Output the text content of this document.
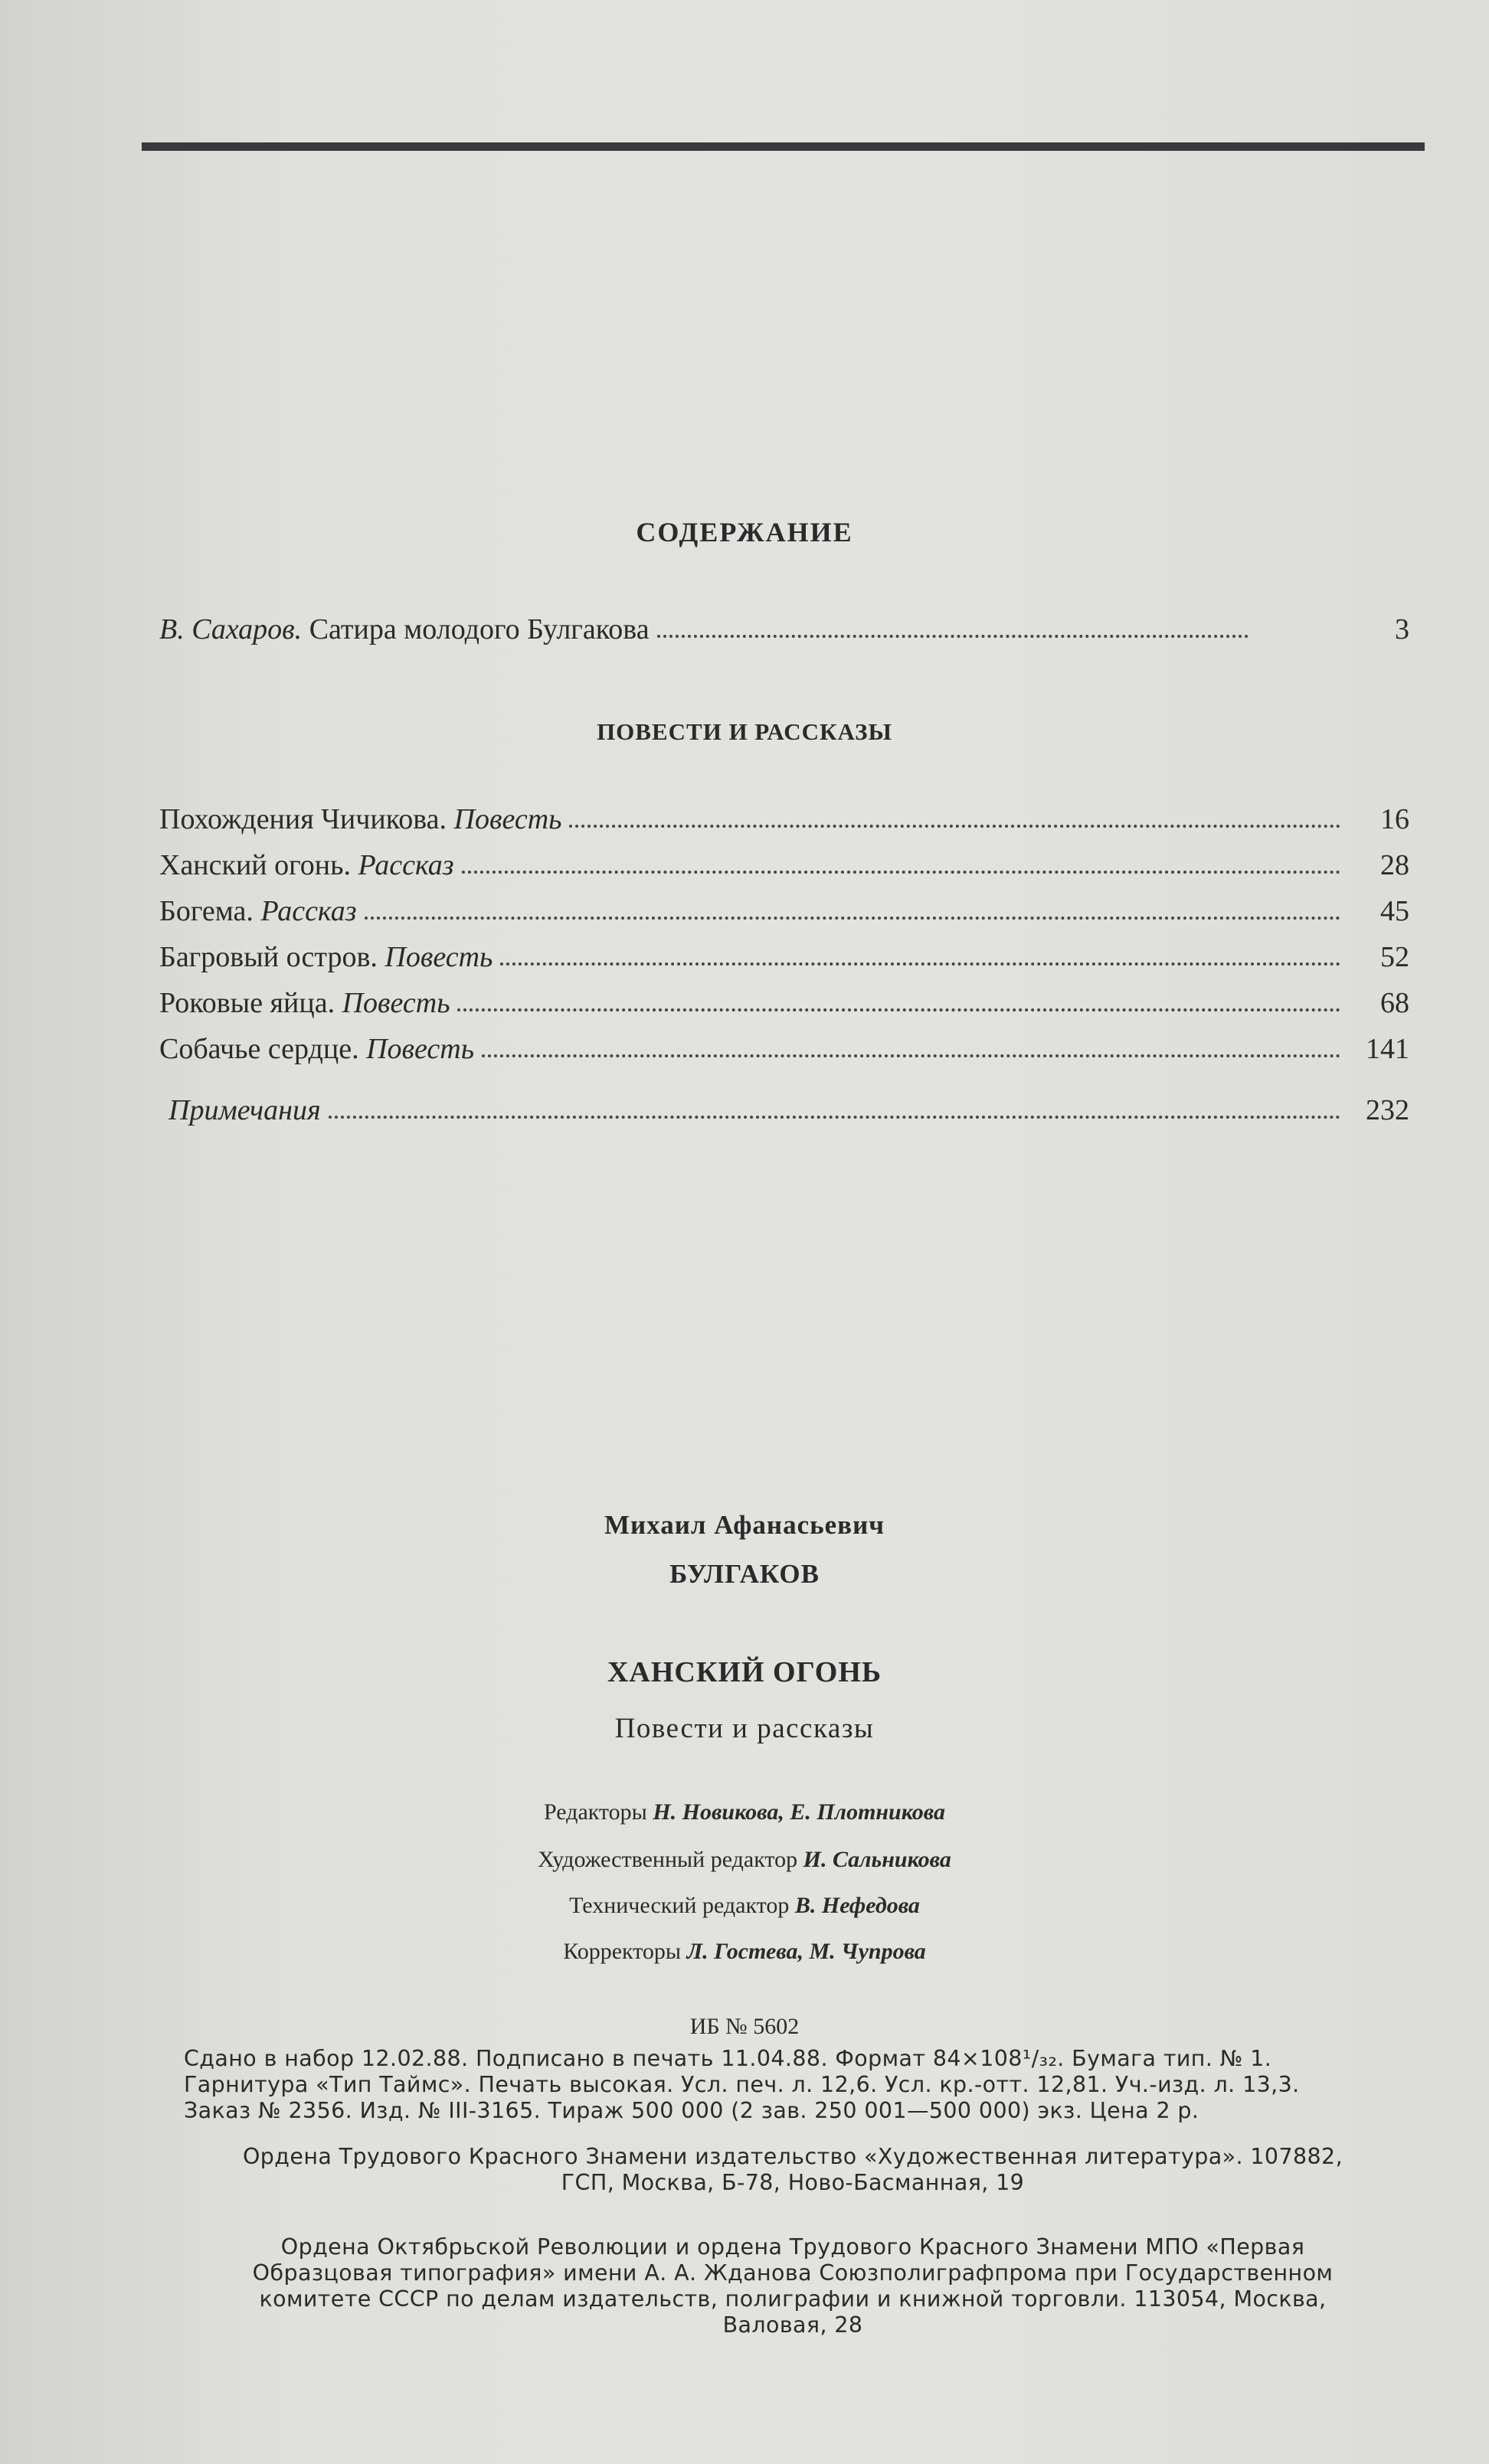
СОДЕРЖАНИЕ
В. Сахаров. Сатира молодого Булгакова	3
ПОВЕСТИ И РАССКАЗЫ
Похождения Чичикова. Повесть	16
Ханский огонь. Рассказ	28
Богема. Рассказ	45
Багровый остров. Повесть	52
Роковые яйца. Повесть	68
Собачье сердце. Повесть	141
Примечания	232
Михаил Афанасьевич
БУЛГАКОВ
ХАНСКИЙ ОГОНЬ
Повести и рассказы
Редакторы Н. Новикова, Е. Плотникова
Художественный редактор И. Сальникова
Технический редактор В. Нефедова
Корректоры Л. Гостева, М. Чупрова
ИБ № 5602
Сдано в набор 12.02.88. Подписано в печать 11.04.88. Формат 84×108¹/₃₂. Бумага тип. № 1.
Гарнитура «Тип Таймс». Печать высокая. Усл. печ. л. 12,6. Усл. кр.-отт. 12,81. Уч.-изд. л. 13,3.
Заказ № 2356. Изд. № III-3165. Тираж 500 000 (2 зав. 250 001—500 000) экз. Цена 2 р.
Ордена Трудового Красного Знамени издательство «Художественная литература». 107882,
ГСП, Москва, Б-78, Ново-Басманная, 19
Ордена Октябрьской Революции и ордена Трудового Красного Знамени МПО «Первая
Образцовая типография» имени А. А. Жданова Союзполиграфпрома при Государственном
комитете СССР по делам издательств, полиграфии и книжной торговли. 113054, Москва,
Валовая, 28
